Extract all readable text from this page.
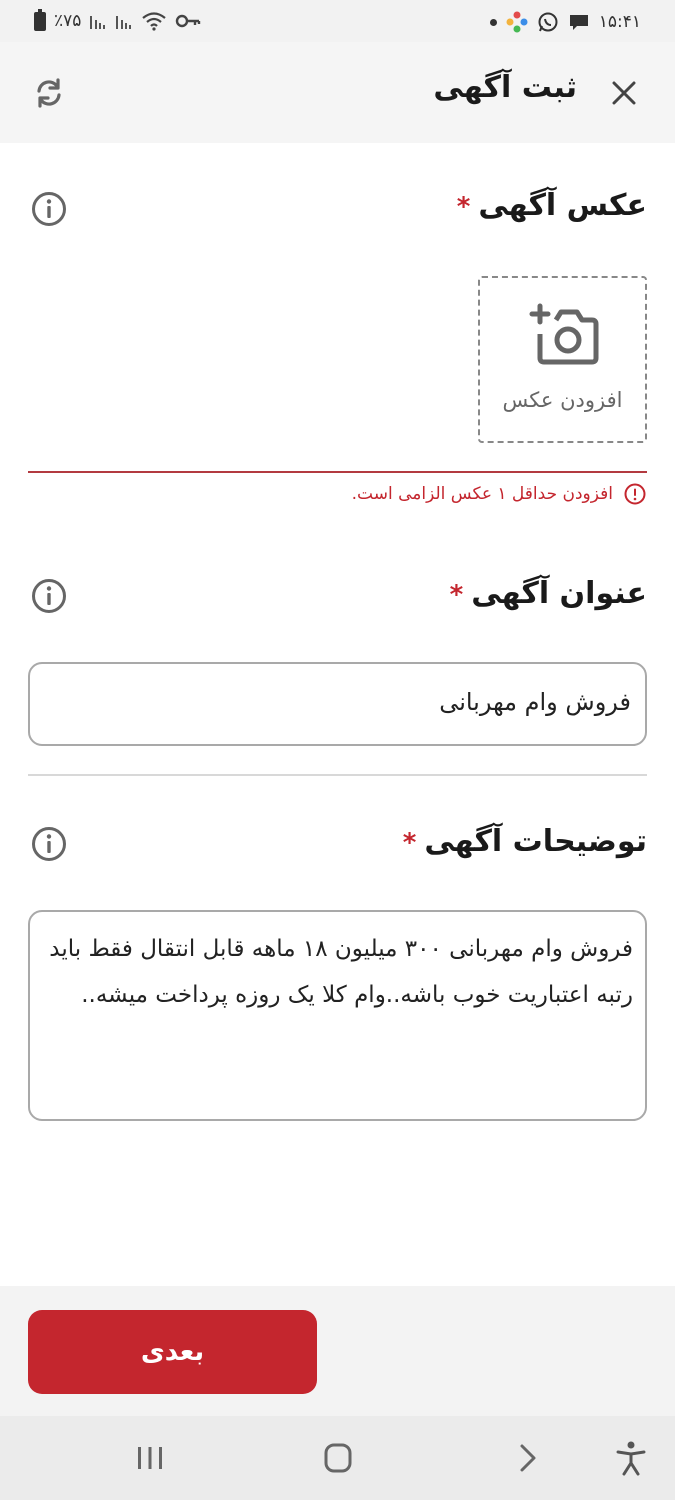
٪۷۵	۱۵:۴۱
ثبت آگهی
عکس آگهی*
افزودن عکس
افزودن حداقل ۱ عکس الزامی است.
عنوان آگهی*
فروش وام مهربانی
توضیحات آگهی*
فروش وام مهربانی ۳۰۰ میلیون ۱۸ ماهه قابل انتقال فقط باید رتبه اعتباریت خوب باشه..وام کلا یک روزه پرداخت میشه..
بعدی
